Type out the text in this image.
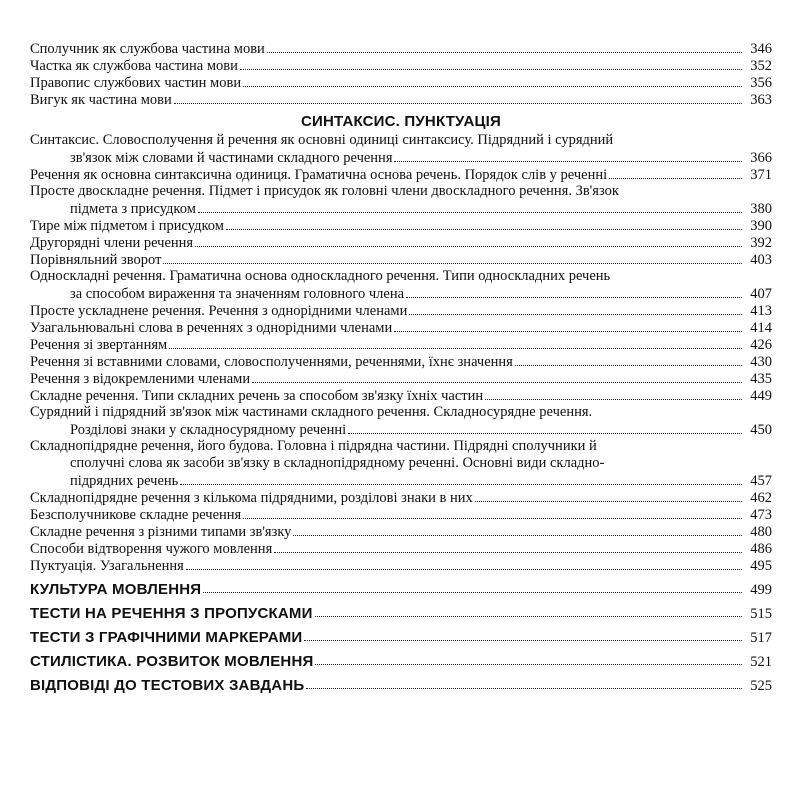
Сполучник як службова частина мови	346
Частка як службова частина мови	352
Правопис службових частин мови	356
Вигук як частина мови	363
СИНТАКСИС. ПУНКТУАЦІЯ
Синтаксис. Словосполучення й речення як основні одиниці синтаксису. Підрядний і сурядний
зв'язок між словами й частинами складного речення	366
Речення як основна синтаксична одиниця. Граматична основа речень. Порядок слів у реченні	371
Просте двоскладне речення. Підмет і присудок як головні члени двоскладного речення. Зв'язок
підмета з присудком	380
Тире між підметом і присудком	390
Другорядні члени речення	392
Порівняльний зворот	403
Односкладні речення. Граматична основа односкладного речення. Типи односкладних речень
за способом вираження та значенням головного члена	407
Просте ускладнене речення. Речення з однорідними членами	413
Узагальнювальні слова в реченнях з однорідними членами	414
Речення зі звертанням	426
Речення зі вставними словами, словосполученнями, реченнями, їхнє значення	430
Речення з відокремленими членами	435
Складне речення. Типи складних речень за способом зв'язку їхніх частин	449
Сурядний і підрядний зв'язок між частинами складного речення. Складносурядне речення.
Розділові знаки у складносурядному реченні	450
Складнопідрядне речення, його будова. Головна і підрядна частини. Підрядні сполучники й
сполучні слова як засоби зв'язку в складнопідрядному реченні. Основні види складно-
підрядних речень	457
Складнопідрядне речення з кількома підрядними, розділові знаки в них	462
Безсполучникове складне речення	473
Складне речення з різними типами зв'язку	480
Способи відтворення чужого мовлення	486
Пуктуація. Узагальнення	495
КУЛЬТУРА МОВЛЕННЯ	499
ТЕСТИ НА РЕЧЕННЯ З ПРОПУСКАМИ	515
ТЕСТИ З ГРАФІЧНИМИ МАРКЕРАМИ	517
СТИЛІСТИКА. РОЗВИТОК МОВЛЕННЯ	521
ВІДПОВІДІ ДО ТЕСТОВИХ ЗАВДАНЬ	525
